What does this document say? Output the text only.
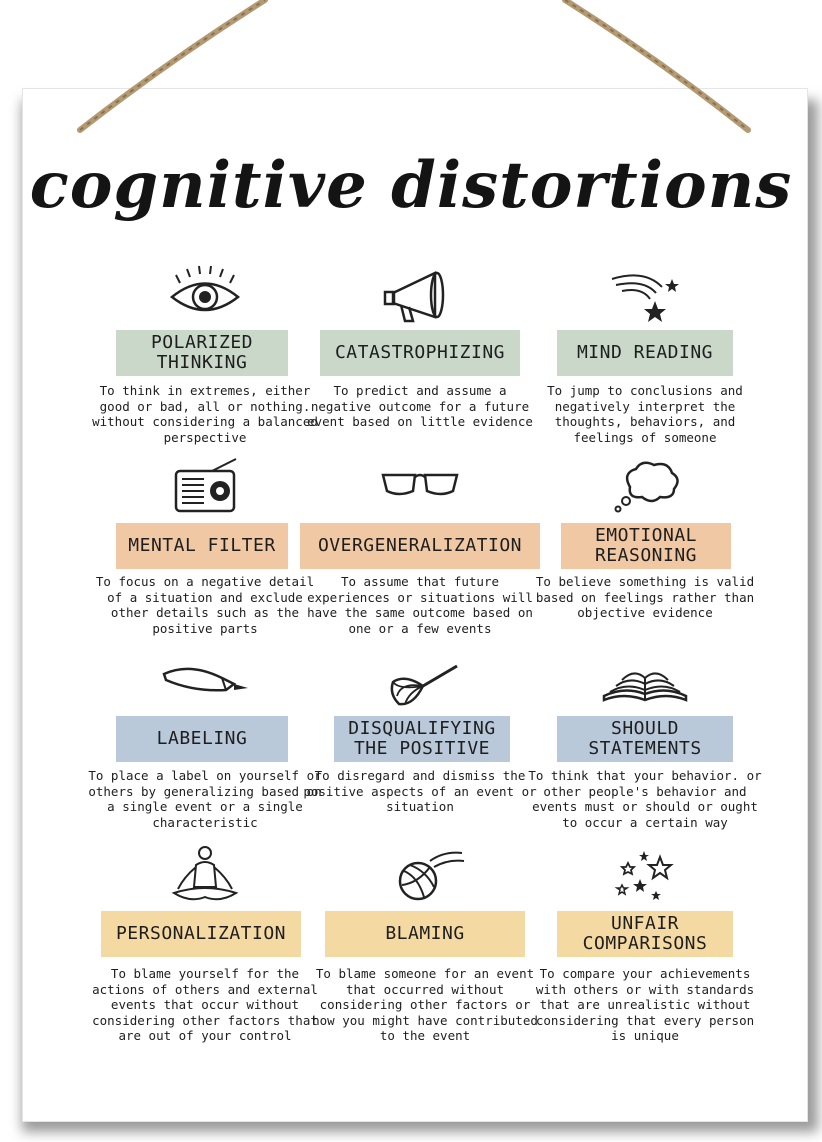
cognitive distortions
POLARIZED THINKING
To think in extremes, either good or bad, all or nothing. without considering a balanced perspective
CATASTROPHIZING
To predict and assume a negative outcome for a future event based on little evidence
MIND READING
To jump to conclusions and negatively interpret the thoughts, behaviors, and feelings of someone
MENTAL FILTER
To focus on a negative detail of a situation and exclude other details such as the positive parts
OVERGENERALIZATION
To assume that future experiences or situations will have the same outcome based on one or a few events
EMOTIONAL REASONING
To believe something is valid based on feelings rather than objective evidence
LABELING
To place a label on yourself or others by generalizing based on a single event or a single characteristic
DISQUALIFYING THE POSITIVE
To disregard and dismiss the positive aspects of an event or situation
SHOULD STATEMENTS
To think that your behavior. or other people's behavior and events must or should or ought to occur a certain way
PERSONALIZATION
To blame yourself for the actions of others and external events that occur without considering other factors that are out of your control
BLAMING
To blame someone for an event that occurred without considering other factors or how you might have contributed to the event
UNFAIR COMPARISONS
To compare your achievements with others or with standards that are unrealistic without considering that every person is unique
